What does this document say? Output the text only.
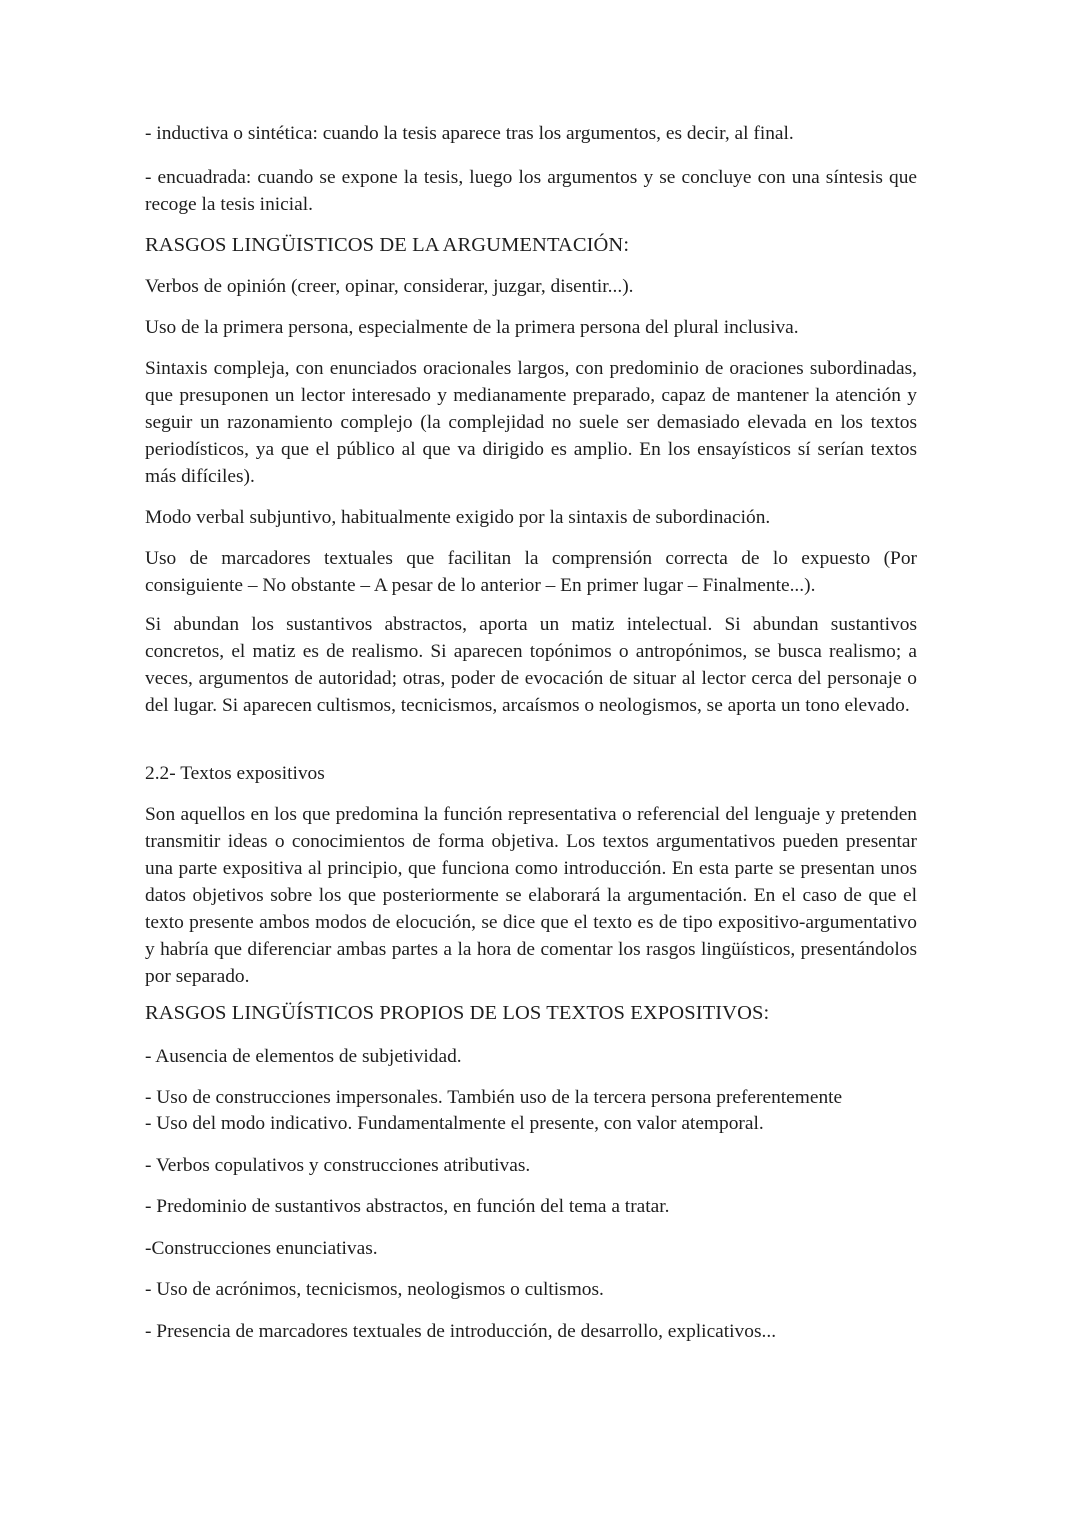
- inductiva o sintética: cuando la tesis aparece tras los argumentos, es decir, al final.

- encuadrada: cuando se expone la tesis, luego los argumentos y se concluye con una síntesis que recoge la tesis inicial.

RASGOS LINGÜISTICOS DE LA ARGUMENTACIÓN:

Verbos de opinión (creer, opinar, considerar, juzgar, disentir...).

Uso de la primera persona, especialmente de la primera persona del plural inclusiva.

Sintaxis compleja, con enunciados oracionales largos, con predominio de oraciones subordinadas, que presuponen un lector interesado y medianamente preparado, capaz de mantener la atención y seguir un razonamiento complejo (la complejidad no suele ser demasiado elevada en los textos periodísticos, ya que el público al que va dirigido es amplio. En los ensayísticos sí serían textos más difíciles).

Modo verbal subjuntivo, habitualmente exigido por la sintaxis de subordinación.

Uso de marcadores textuales que facilitan la comprensión correcta de lo expuesto (Por consiguiente – No obstante – A pesar de lo anterior – En primer lugar – Finalmente...).

Si abundan los sustantivos abstractos, aporta un matiz intelectual. Si abundan sustantivos concretos, el matiz es de realismo. Si aparecen topónimos o antropónimos, se busca realismo; a veces, argumentos de autoridad; otras, poder de evocación de situar al lector cerca del personaje o del lugar. Si aparecen cultismos, tecnicismos, arcaísmos o neologismos, se aporta un tono elevado.

2.2- Textos expositivos

Son aquellos en los que predomina la función representativa o referencial del lenguaje y pretenden transmitir ideas o conocimientos de forma objetiva. Los textos argumentativos pueden presentar una parte expositiva al principio, que funciona como introducción. En esta parte se presentan unos datos objetivos sobre los que posteriormente se elaborará la argumentación. En el caso de que el texto presente ambos modos de elocución, se dice que el texto es de tipo expositivo-argumentativo y habría que diferenciar ambas partes a la hora de comentar los rasgos lingüísticos, presentándolos por separado.

RASGOS LINGÜÍSTICOS PROPIOS DE LOS TEXTOS EXPOSITIVOS:

- Ausencia de elementos de subjetividad.

- Uso de construcciones impersonales. También uso de la tercera persona preferentemente

- Uso del modo indicativo. Fundamentalmente el presente, con valor atemporal.

- Verbos copulativos y construcciones atributivas.

- Predominio de sustantivos abstractos, en función del tema a tratar.

-Construcciones enunciativas.

- Uso de acrónimos, tecnicismos, neologismos o cultismos.

- Presencia de marcadores textuales de introducción, de desarrollo, explicativos...
